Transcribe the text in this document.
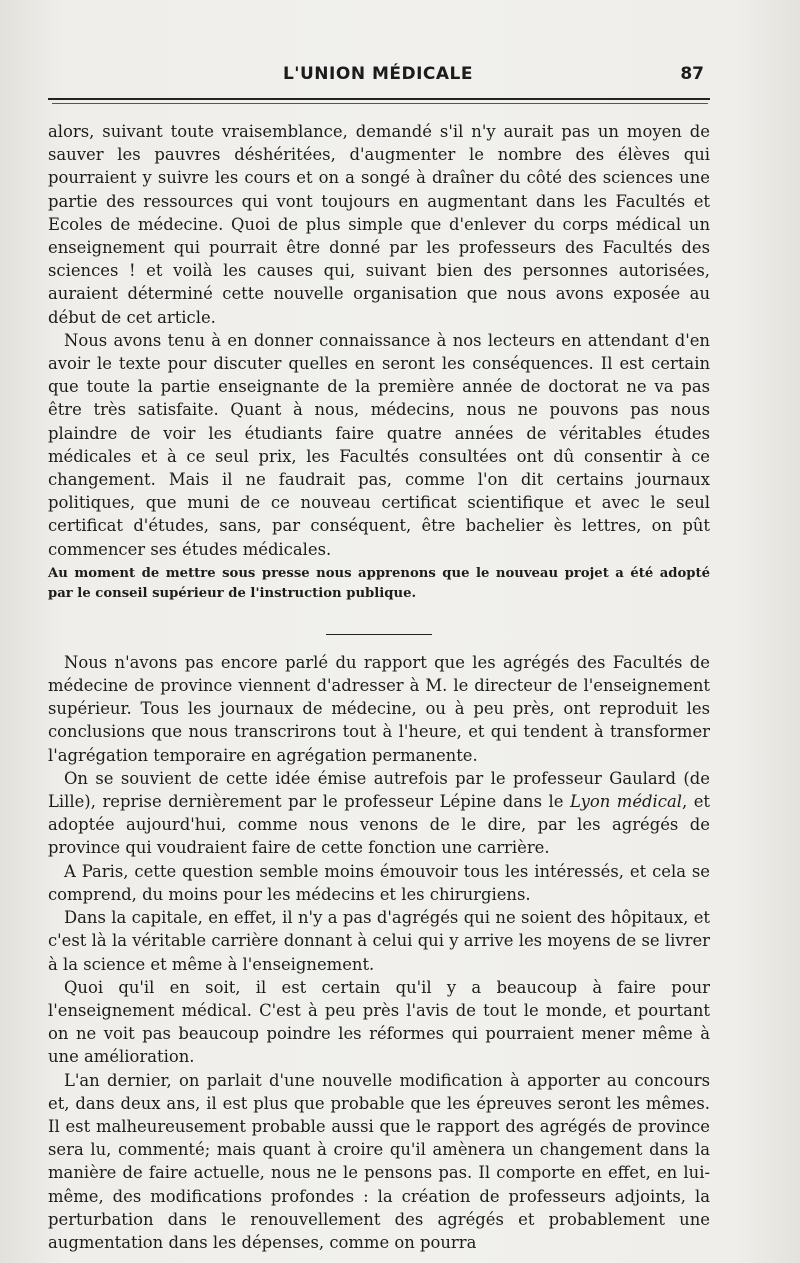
L'UNION MÉDICALE	87

alors, suivant toute vraisemblance, demandé s'il n'y aurait pas un moyen de sauver les pauvres déshéritées, d'augmenter le nombre des élèves qui pourraient y suivre les cours et on a songé à draîner du côté des sciences une partie des ressources qui vont toujours en augmentant dans les Facultés et Ecoles de médecine. Quoi de plus simple que d'enlever du corps médical un enseignement qui pourrait être donné par les professeurs des Facultés des sciences ! et voilà les causes qui, suivant bien des personnes autorisées, auraient déterminé cette nouvelle organisation que nous avons exposée au début de cet article.

Nous avons tenu à en donner connaissance à nos lecteurs en attendant d'en avoir le texte pour discuter quelles en seront les conséquences. Il est certain que toute la partie enseignante de la première année de doctorat ne va pas être très satisfaite. Quant à nous, médecins, nous ne pouvons pas nous plaindre de voir les étudiants faire quatre années de véritables études médicales et à ce seul prix, les Facultés consultées ont dû consentir à ce changement. Mais il ne faudrait pas, comme l'on dit certains journaux politiques, que muni de ce nouveau certificat scientifique et avec le seul certificat d'études, sans, par conséquent, être bachelier ès lettres, on pût commencer ses études médicales.

Au moment de mettre sous presse nous apprenons que le nouveau projet a été adopté par le conseil supérieur de l'instruction publique.

Nous n'avons pas encore parlé du rapport que les agrégés des Facultés de médecine de province viennent d'adresser à M. le directeur de l'enseignement supérieur. Tous les journaux de médecine, ou à peu près, ont reproduit les conclusions que nous transcrirons tout à l'heure, et qui tendent à transformer l'agrégation temporaire en agrégation permanente.

On se souvient de cette idée émise autrefois par le professeur Gaulard (de Lille), reprise dernièrement par le professeur Lépine dans le Lyon médical, et adoptée aujourd'hui, comme nous venons de le dire, par les agrégés de province qui voudraient faire de cette fonction une carrière.

A Paris, cette question semble moins émouvoir tous les intéressés, et cela se comprend, du moins pour les médecins et les chirurgiens.

Dans la capitale, en effet, il n'y a pas d'agrégés qui ne soient des hôpitaux, et c'est là la véritable carrière donnant à celui qui y arrive les moyens de se livrer à la science et même à l'enseignement.

Quoi qu'il en soit, il est certain qu'il y a beaucoup à faire pour l'enseignement médical. C'est à peu près l'avis de tout le monde, et pourtant on ne voit pas beaucoup poindre les réformes qui pourraient mener même à une amélioration.

L'an dernier, on parlait d'une nouvelle modification à apporter au concours et, dans deux ans, il est plus que probable que les épreuves seront les mêmes. Il est malheureusement probable aussi que le rapport des agrégés de province sera lu, commenté; mais quant à croire qu'il amènera un changement dans la manière de faire actuelle, nous ne le pensons pas. Il comporte en effet, en lui-même, des modifications profondes : la création de professeurs adjoints, la perturbation dans le renouvellement des agrégés et probablement une augmentation dans les dépenses, comme on pourra
